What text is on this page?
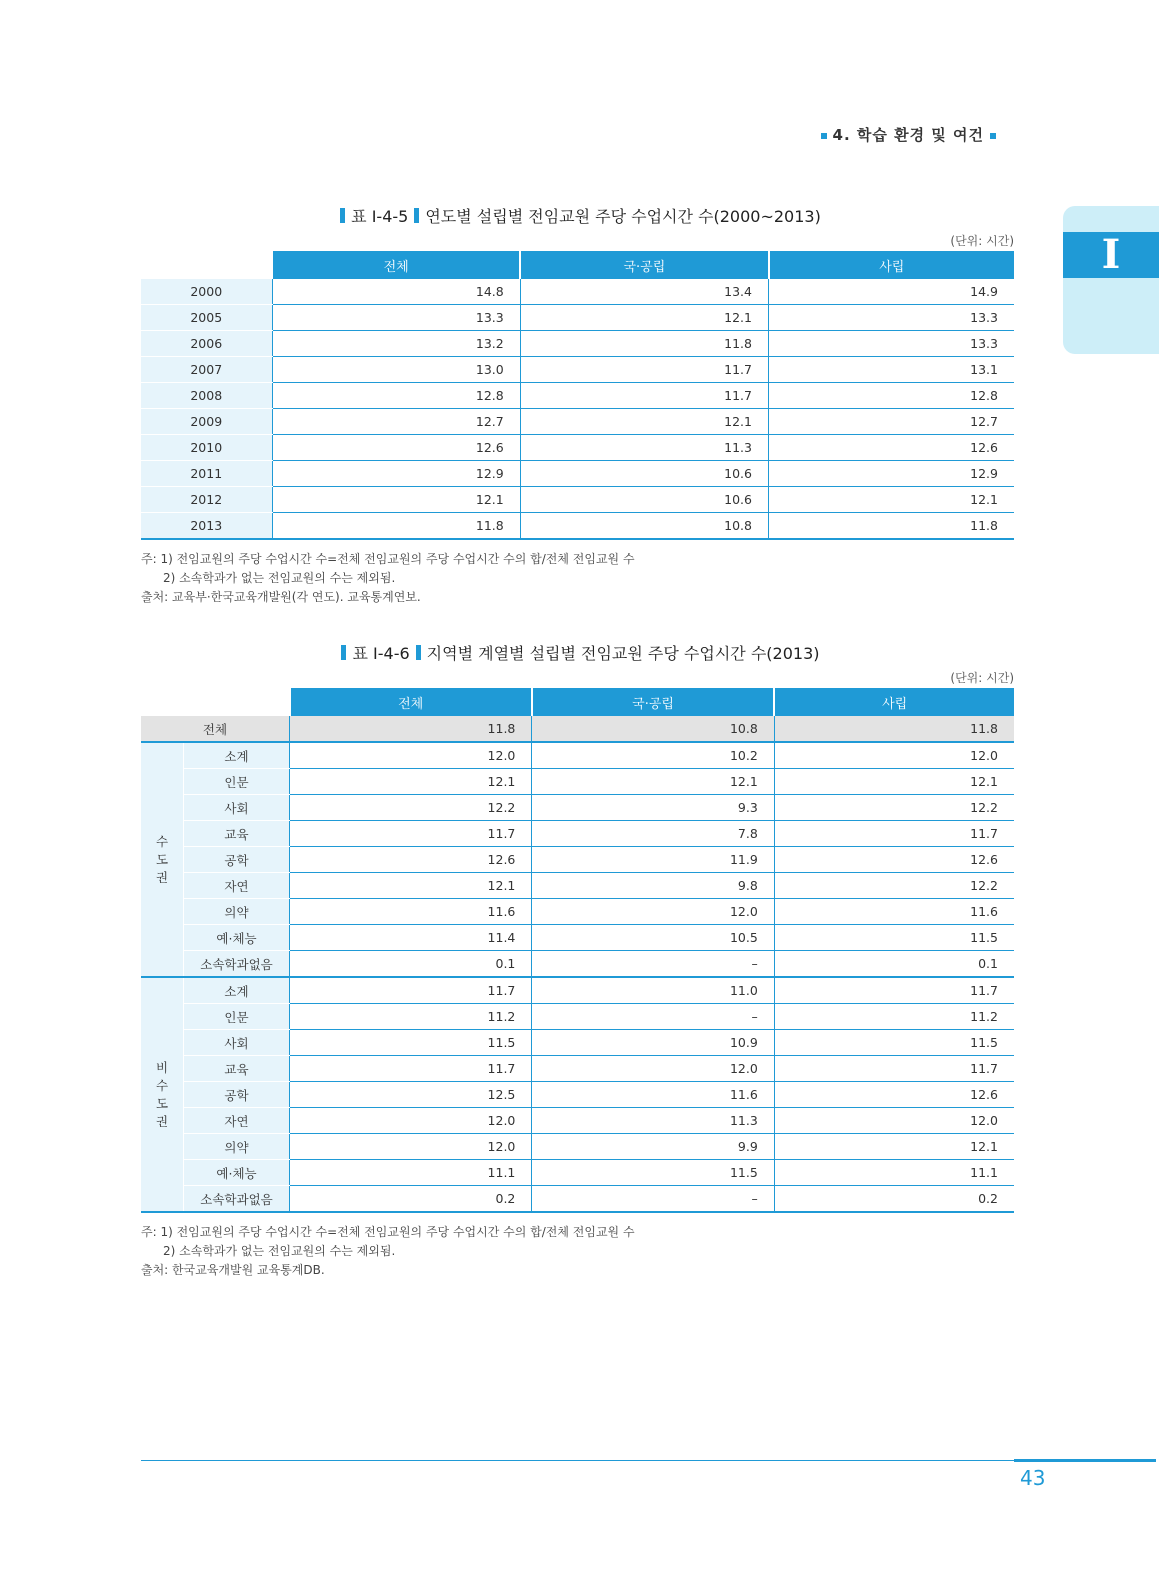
4. 학습 환경 및 여건
I
표 Ⅰ-4-5 연도별 설립별 전임교원 주당 수업시간 수(2000~2013)
(단위: 시간)
	전체	국·공립	사립
2000	14.8	13.4	14.9
2005	13.3	12.1	13.3
2006	13.2	11.8	13.3
2007	13.0	11.7	13.1
2008	12.8	11.7	12.8
2009	12.7	12.1	12.7
2010	12.6	11.3	12.6
2011	12.9	10.6	12.9
2012	12.1	10.6	12.1
2013	11.8	10.8	11.8
주: 1) 전임교원의 주당 수업시간 수=전체 전임교원의 주당 수업시간 수의 합/전체 전임교원 수
2) 소속학과가 없는 전임교원의 수는 제외됨.
출처: 교육부·한국교육개발원(각 연도). 교육통계연보.
표 Ⅰ-4-6 지역별 계열별 설립별 전임교원 주당 수업시간 수(2013)
(단위: 시간)
		전체	국·공립	사립
전체		11.8	10.8	11.8

수
도
권	소계	12.0	10.2	12.0
	인문	12.1	12.1	12.1
	사회	12.2	9.3	12.2
	교육	11.7	7.8	11.7
	공학	12.6	11.9	12.6
	자연	12.1	9.8	12.2
	의약	11.6	12.0	11.6
	예·체능	11.4	10.5	11.5
	소속학과없음	0.1	–	0.1

비
수
도
권	소계	11.7	11.0	11.7
	인문	11.2	–	11.2
	사회	11.5	10.9	11.5
	교육	11.7	12.0	11.7
	공학	12.5	11.6	12.6
	자연	12.0	11.3	12.0
	의약	12.0	9.9	12.1
	예·체능	11.1	11.5	11.1
	소속학과없음	0.2	–	0.2
주: 1) 전임교원의 주당 수업시간 수=전체 전임교원의 주당 수업시간 수의 합/전체 전임교원 수
2) 소속학과가 없는 전임교원의 수는 제외됨.
출처: 한국교육개발원 교육통계DB.
43
